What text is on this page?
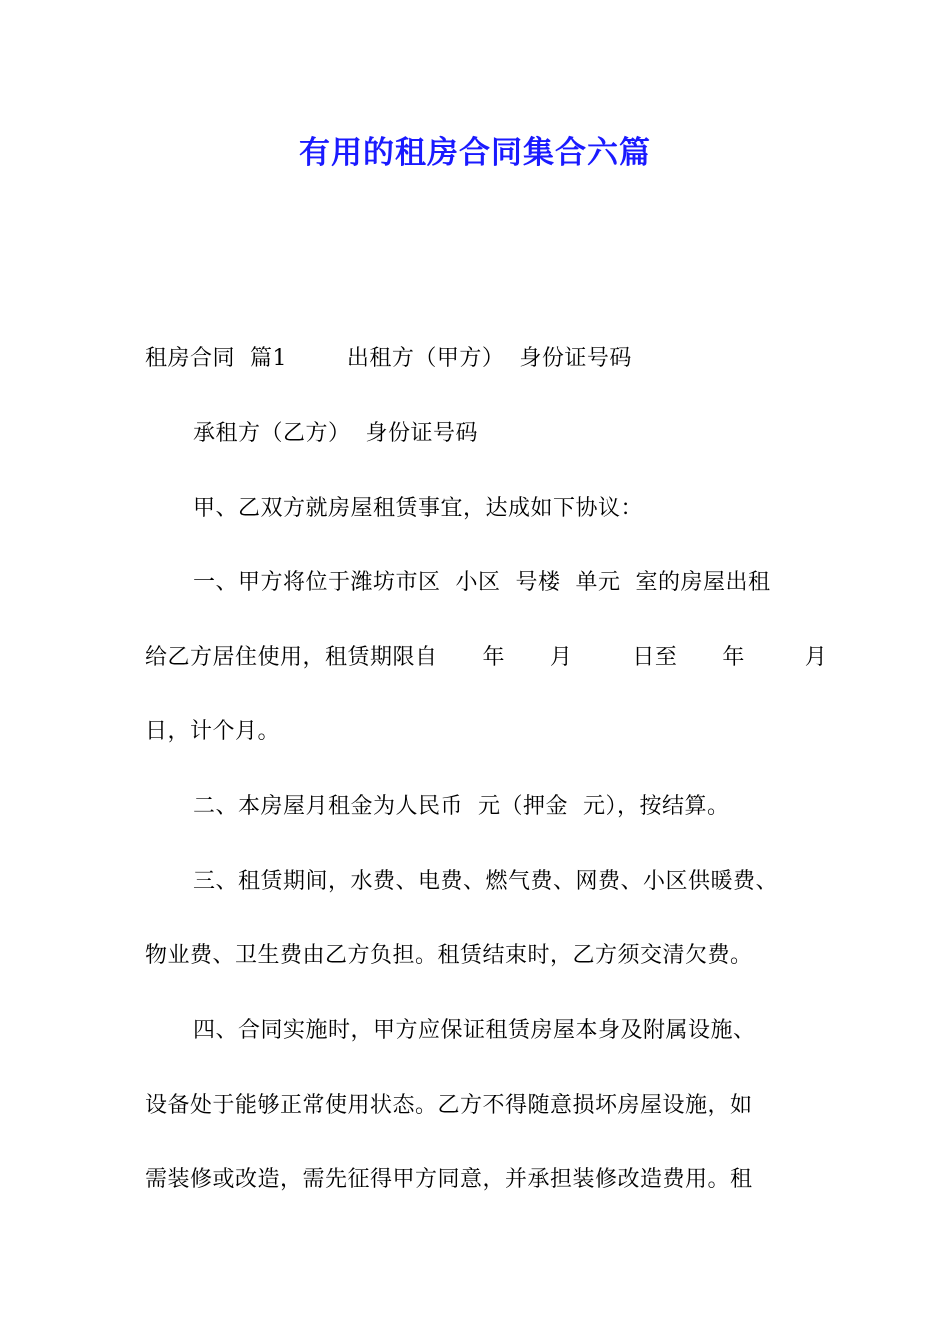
有用的租房合同集合六篇
租房合同  篇1        出租方（甲方）  身份证号码
承租方（乙方）  身份证号码
甲、乙双方就房屋租赁事宜，达成如下协议：
一、甲方将位于潍坊市区  小区  号楼  单元  室的房屋出租
给乙方居住使用，租赁期限自      年      月        日至      年        月
日，计个月。
二、本房屋月租金为人民币  元（押金  元），按结算。
三、租赁期间，水费、电费、燃气费、网费、小区供暖费、
物业费、卫生费由乙方负担。租赁结束时，乙方须交清欠费。
四、合同实施时，甲方应保证租赁房屋本身及附属设施、
设备处于能够正常使用状态。乙方不得随意损坏房屋设施，如
需装修或改造，需先征得甲方同意，并承担装修改造费用。租
